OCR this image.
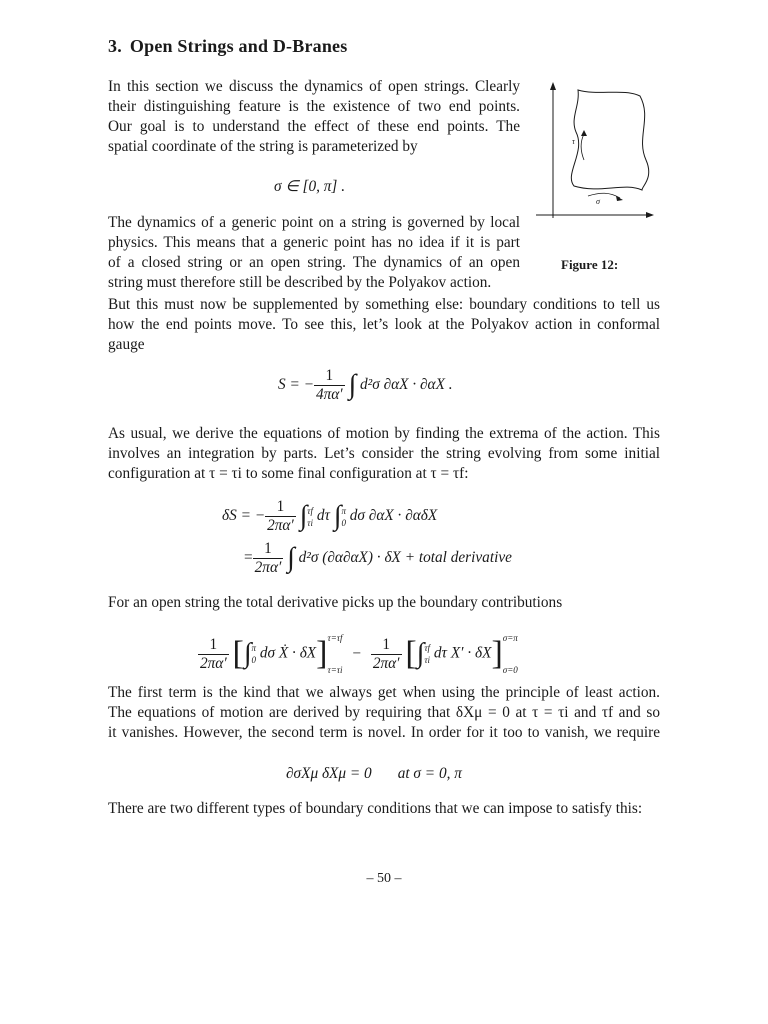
3. Open Strings and D-Branes
In this section we discuss the dynamics of open strings. Clearly
their distinguishing feature is the existence of two end points.
Our goal is to understand the effect of these end points. The
spatial coordinate of the string is parameterized by
σ ∈ [0, π] .
The dynamics of a generic point on a string is governed by local
physics. This means that a generic point has no idea if it is part
of a closed string or an open string. The dynamics of an open
string must therefore still be described by the Polyakov action.
But this must now be supplemented by something else: boundary conditions to tell us
how the end points move. To see this, let’s look at the Polyakov action in conformal
gauge
S = − $\frac{1}{4\pi\alpha'}$ ∫ d²σ ∂αX · ∂αX .
As usual, we derive the equations of motion by finding the extrema of the action. This
involves an integration by parts. Let’s consider the string evolving from some initial
configuration at τ = τi to some final configuration at τ = τf:
δS = − $\frac{1}{2\pi\alpha'}$ ∫ τf
τi dτ ∫ π
0 dσ ∂αX · ∂αδX
= $\frac{1}{2\pi\alpha'}$ ∫ d²σ (∂α∂αX) · δX + total derivative
For an open string the total derivative picks up the boundary contributions
$\frac{1}{2\pi\alpha'}$ [∫ π
0 dσ Ẋ · δX] τ=τf
τ=τi
− $\frac{1}{2\pi\alpha'}$ [∫ τf
τi dτ X′ · δX] σ=π
σ=0
The first term is the kind that we always get when using the principle of least action.
The equations of motion are derived by requiring that δXμ = 0 at τ = τi and τf and so
it vanishes. However, the second term is novel. In order for it too to vanish, we require
∂σXμ δXμ = 0 at σ = 0, π
There are two different types of boundary conditions that we can impose to satisfy this:
τ
σ
Figure 12:
– 50 –
